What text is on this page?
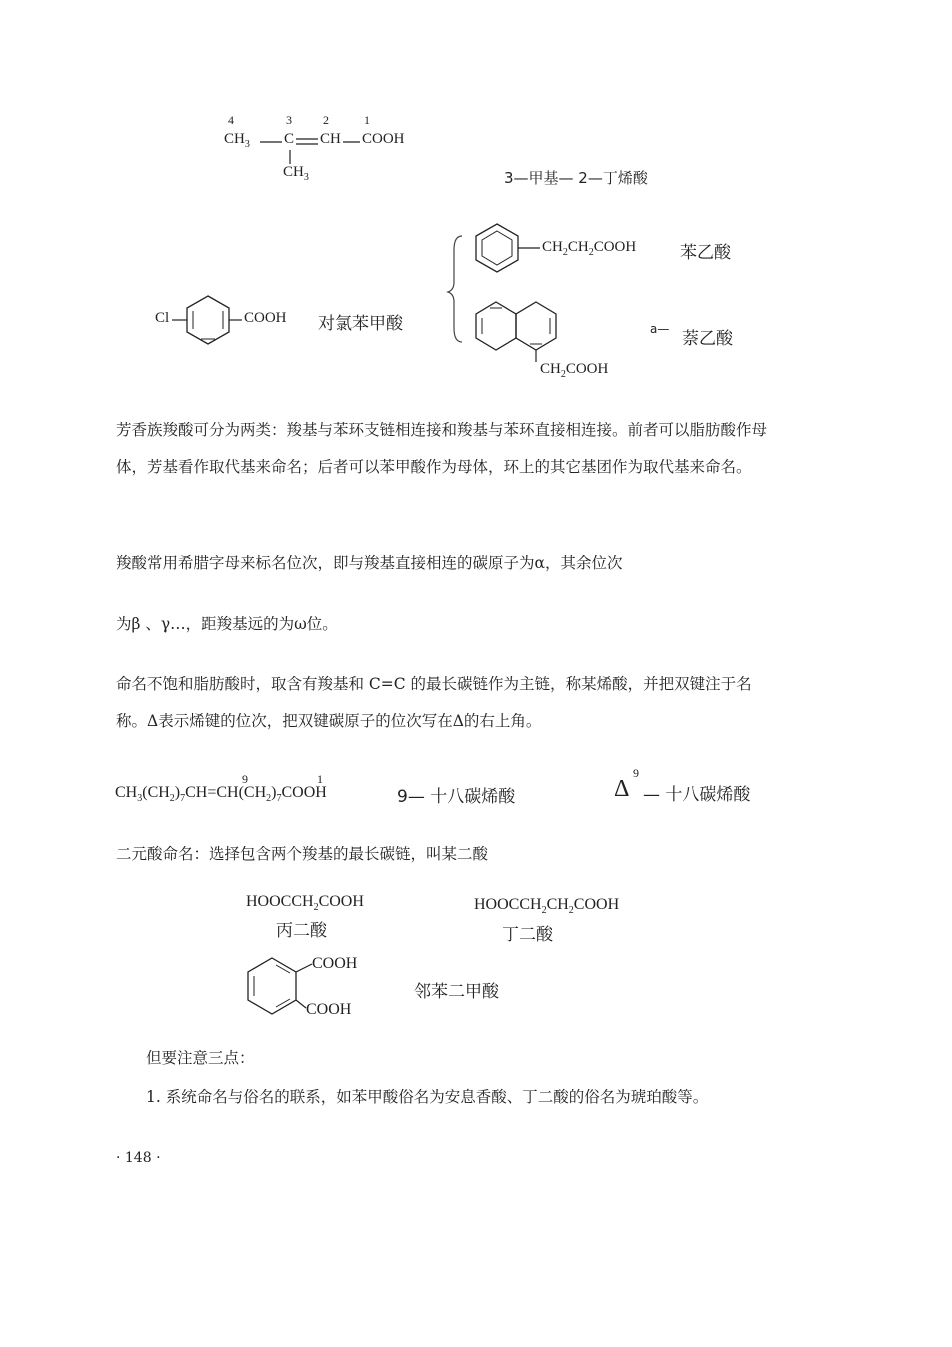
4	3	2	1
$CH_3$ C CH COOH
$CH_3$	3—甲基— 2—丁烯酸
$CH_2CH_2COOH$	苯乙酸
Cl	COOH 对氯苯甲酸
$CH_2COOH$
a— 萘乙酸
芳香族羧酸可分为两类：羧基与苯环支链相连接和羧基与苯环直接相连接。前者可以脂肪酸作母体，芳基看作取代基来命名；后者可以苯甲酸作为母体，环上的其它基团作为取代基来命名。
羧酸常用希腊字母来标名位次，即与羧基直接相连的碳原子为α，其余位次
为β 、γ…，距羧基远的为ω位。
命名不饱和脂肪酸时，取含有羧基和 C=C 的最长碳链作为主链，称某烯酸，并把双键注于名称。Δ表示烯键的位次，把双键碳原子的位次写在Δ的右上角。
$CH_3(CH_2)_7CH=CH(CH_2)_7COOH$
9	1
9— 十八碳烯酸	Δ
9
— 十八碳烯酸
二元酸命名：选择包含两个羧基的最长碳链，叫某二酸
$HOOCCH_2COOH$
丙二酸
$HOOCCH_2CH_2COOH$
丁二酸
COOH
COOH
邻苯二甲酸
但要注意三点：
1. 系统命名与俗名的联系，如苯甲酸俗名为安息香酸、丁二酸的俗名为琥珀酸等。
· 148 ·
